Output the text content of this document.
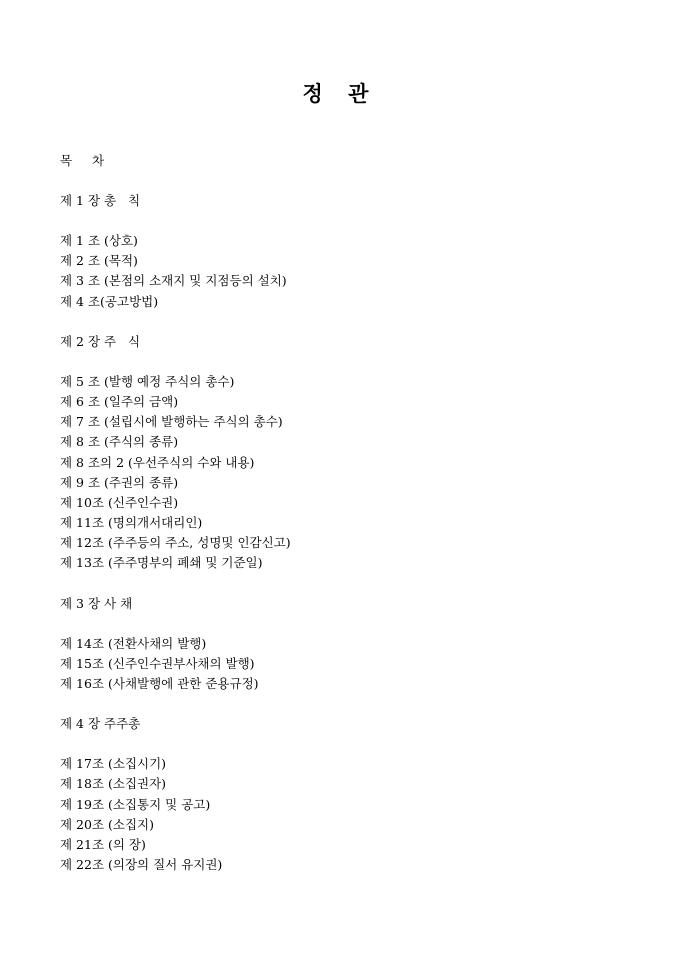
정 관
목  차
제 1 장 총   칙
제 1 조 (상호)
제 2 조 (목적)
제 3 조 (본점의 소재지 및 지점등의 설치)
제 4 조(공고방법)
제 2 장 주   식
제 5 조 (발행 예정 주식의 총수)
제 6 조 (일주의 금액)
제 7 조 (설립시에 발행하는 주식의 총수)
제 8 조 (주식의 종류)
제 8 조의 2 (우선주식의 수와 내용)
제 9 조 (주권의 종류)
제 10조 (신주인수권)
제 11조 (명의개서대리인)
제 12조 (주주등의 주소, 성명및 인감신고)
제 13조 (주주명부의 폐쇄 및 기준일)
제 3 장 사 채
제 14조 (전환사채의 발행)
제 15조 (신주인수권부사채의 발행)
제 16조 (사채발행에 관한 준용규정)
제 4 장 주주총
제 17조 (소집시기)
제 18조 (소집권자)
제 19조 (소집통지 및 공고)
제 20조 (소집지)
제 21조 (의 장)
제 22조 (의장의 질서 유지권)
